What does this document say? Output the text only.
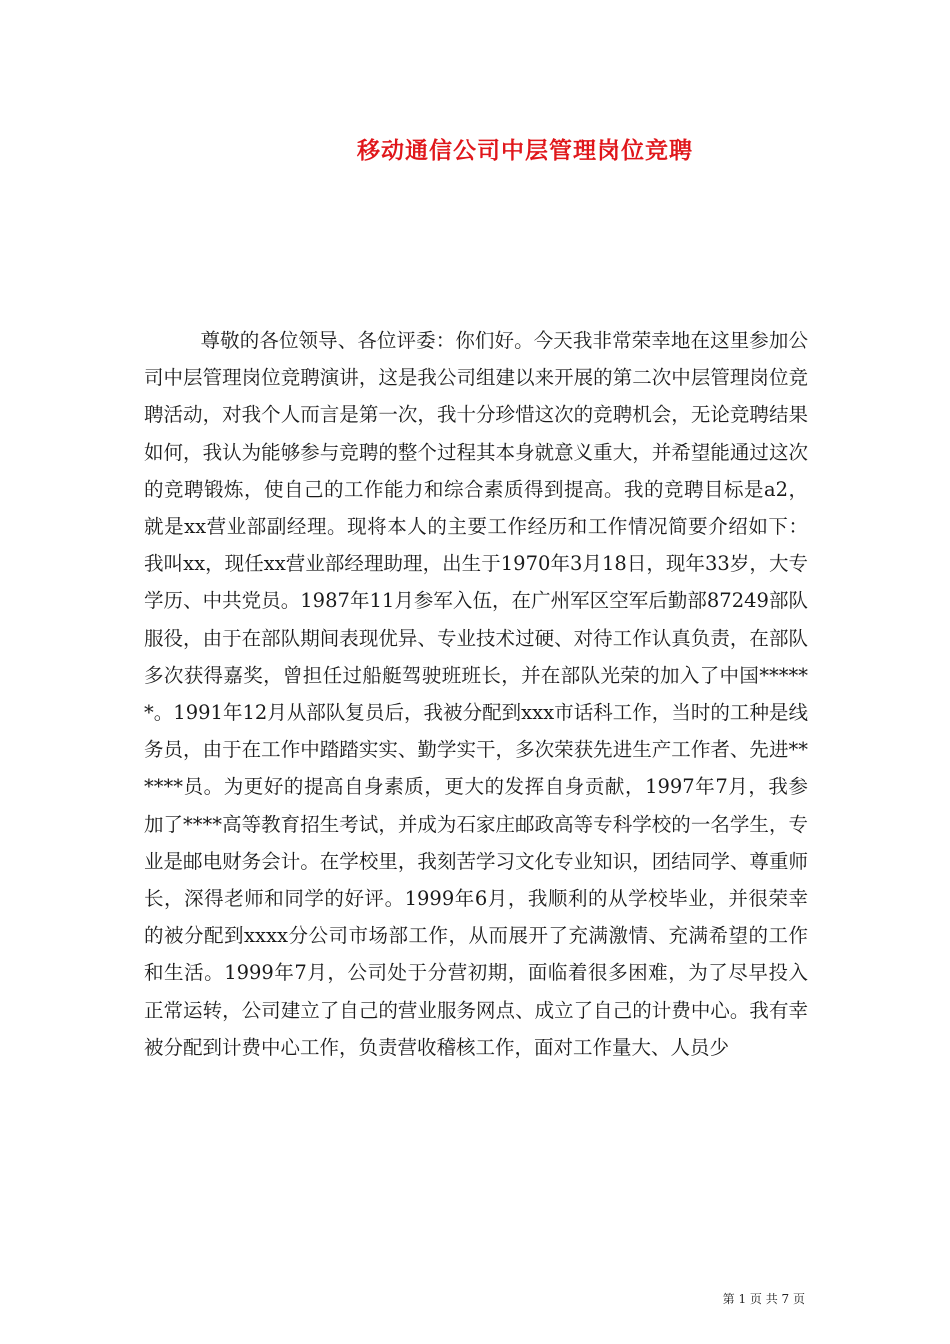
移动通信公司中层管理岗位竞聘

尊敬的各位领导、各位评委：你们好。今天我非常荣幸地在这里参加公司中层管理岗位竞聘演讲，这是我公司组建以来开展的第二次中层管理岗位竞聘活动，对我个人而言是第一次，我十分珍惜这次的竞聘机会，无论竞聘结果如何，我认为能够参与竞聘的整个过程其本身就意义重大，并希望能通过这次的竞聘锻炼，使自己的工作能力和综合素质得到提高。我的竞聘目标是a2，就是xx营业部副经理。现将本人的主要工作经历和工作情况简要介绍如下：我叫xx，现任xx营业部经理助理，出生于1970年3月18日，现年33岁，大专学历、中共党员。1987年11月参军入伍，在广州军区空军后勤部87249部队服役，由于在部队期间表现优异、专业技术过硬、对待工作认真负责，在部队多次获得嘉奖，曾担任过船艇驾驶班班长，并在部队光荣的加入了中国******。1991年12月从部队复员后，我被分配到xxx市话科工作，当时的工种是线务员，由于在工作中踏踏实实、勤学实干，多次荣获先进生产工作者、先进******员。为更好的提高自身素质，更大的发挥自身贡献，1997年7月，我参加了****高等教育招生考试，并成为石家庄邮政高等专科学校的一名学生，专业是邮电财务会计。在学校里，我刻苦学习文化专业知识，团结同学、尊重师长，深得老师和同学的好评。1999年6月，我顺利的从学校毕业，并很荣幸的被分配到xxxx分公司市场部工作，从而展开了充满激情、充满希望的工作和生活。1999年7月，公司处于分营初期，面临着很多困难，为了尽早投入正常运转，公司建立了自己的营业服务网点、成立了自己的计费中心。我有幸被分配到计费中心工作，负责营收稽核工作，面对工作量大、人员少

第 1 页 共 7 页
